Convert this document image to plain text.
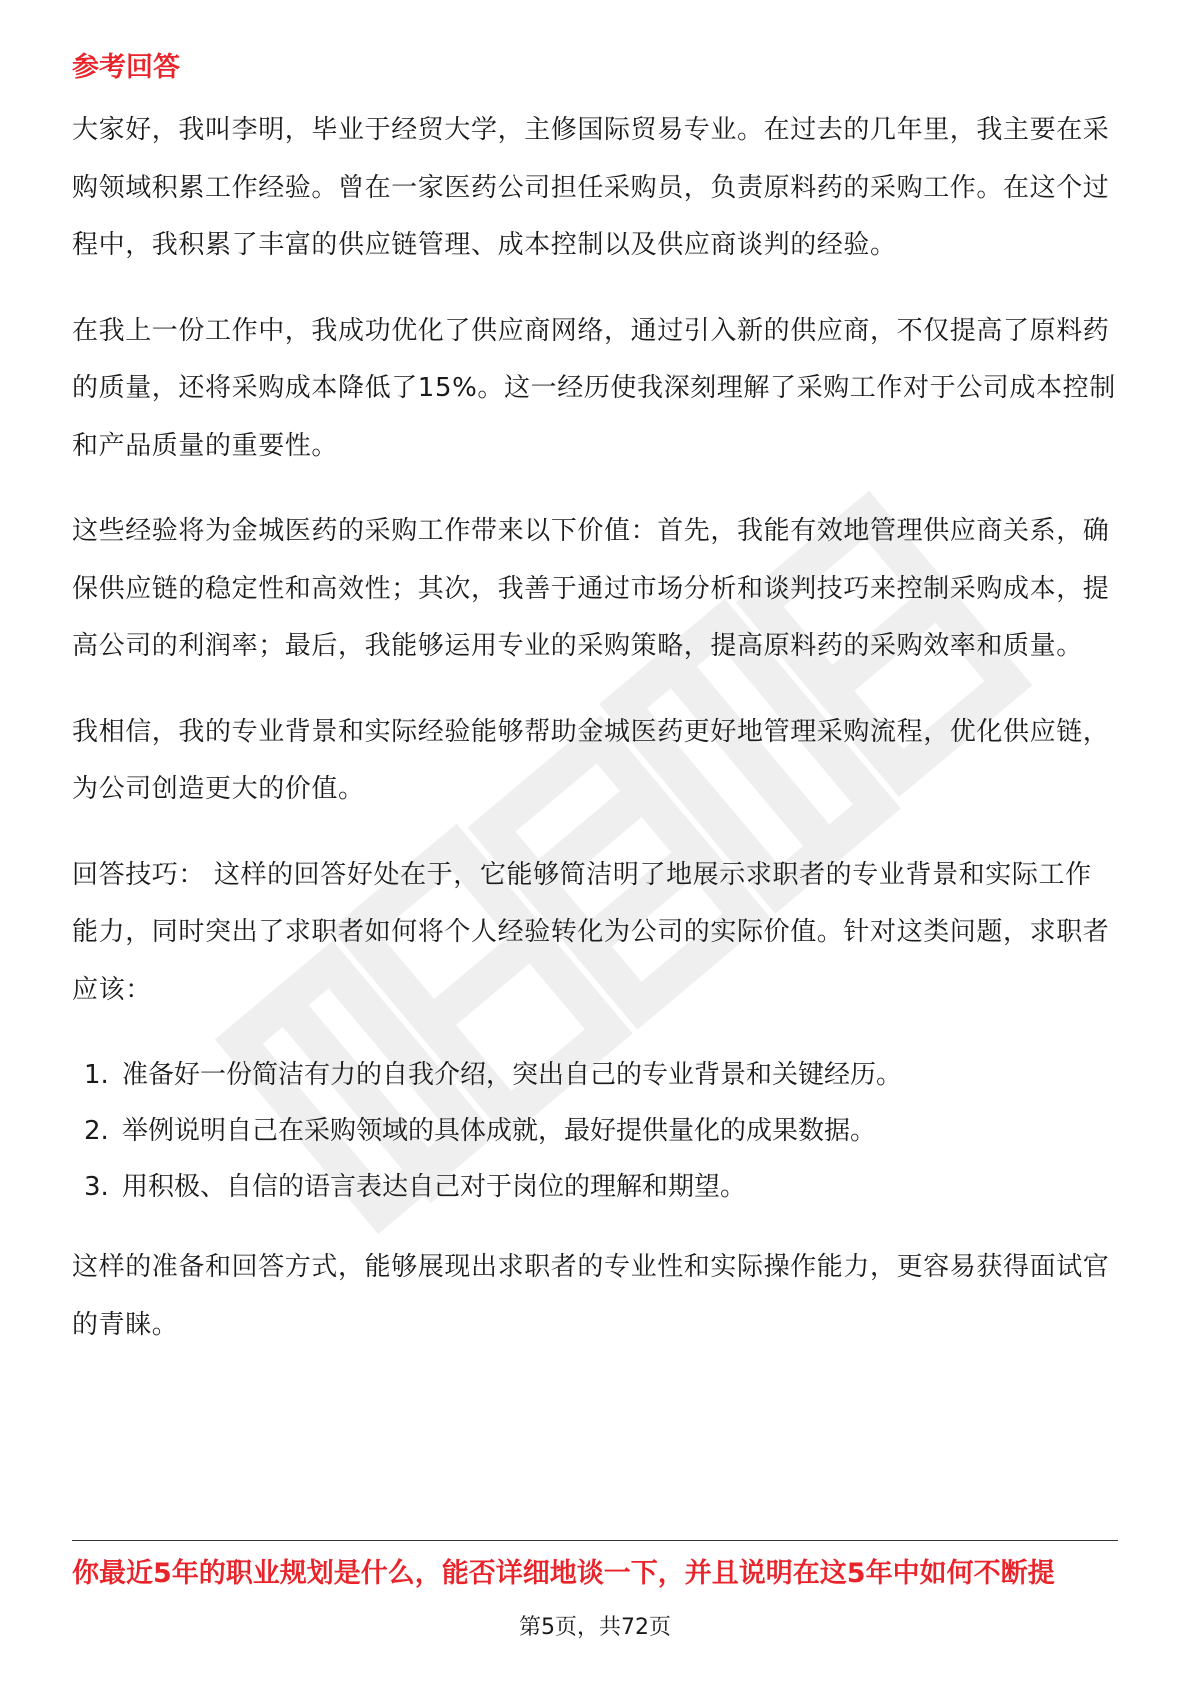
参考回答

大家好，我叫李明，毕业于经贸大学，主修国际贸易专业。在过去的几年里，我主要在采购领域积累工作经验。曾在一家医药公司担任采购员，负责原料药的采购工作。在这个过程中，我积累了丰富的供应链管理、成本控制以及供应商谈判的经验。

在我上一份工作中，我成功优化了供应商网络，通过引入新的供应商，不仅提高了原料药的质量，还将采购成本降低了15%。这一经历使我深刻理解了采购工作对于公司成本控制和产品质量的重要性。

这些经验将为金城医药的采购工作带来以下价值：首先，我能有效地管理供应商关系，确保供应链的稳定性和高效性；其次，我善于通过市场分析和谈判技巧来控制采购成本，提高公司的利润率；最后，我能够运用专业的采购策略，提高原料药的采购效率和质量。

我相信，我的专业背景和实际经验能够帮助金城医药更好地管理采购流程，优化供应链，为公司创造更大的价值。

回答技巧： 这样的回答好处在于，它能够简洁明了地展示求职者的专业背景和实际工作能力，同时突出了求职者如何将个人经验转化为公司的实际价值。针对这类问题，求职者应该：

1. 准备好一份简洁有力的自我介绍，突出自己的专业背景和关键经历。
2. 举例说明自己在采购领域的具体成就，最好提供量化的成果数据。
3. 用积极、自信的语言表达自己对于岗位的理解和期望。

这样的准备和回答方式，能够展现出求职者的专业性和实际操作能力，更容易获得面试官的青睐。

你最近5年的职业规划是什么，能否详细地谈一下，并且说明在这5年中如何不断提
第5页，共72页
